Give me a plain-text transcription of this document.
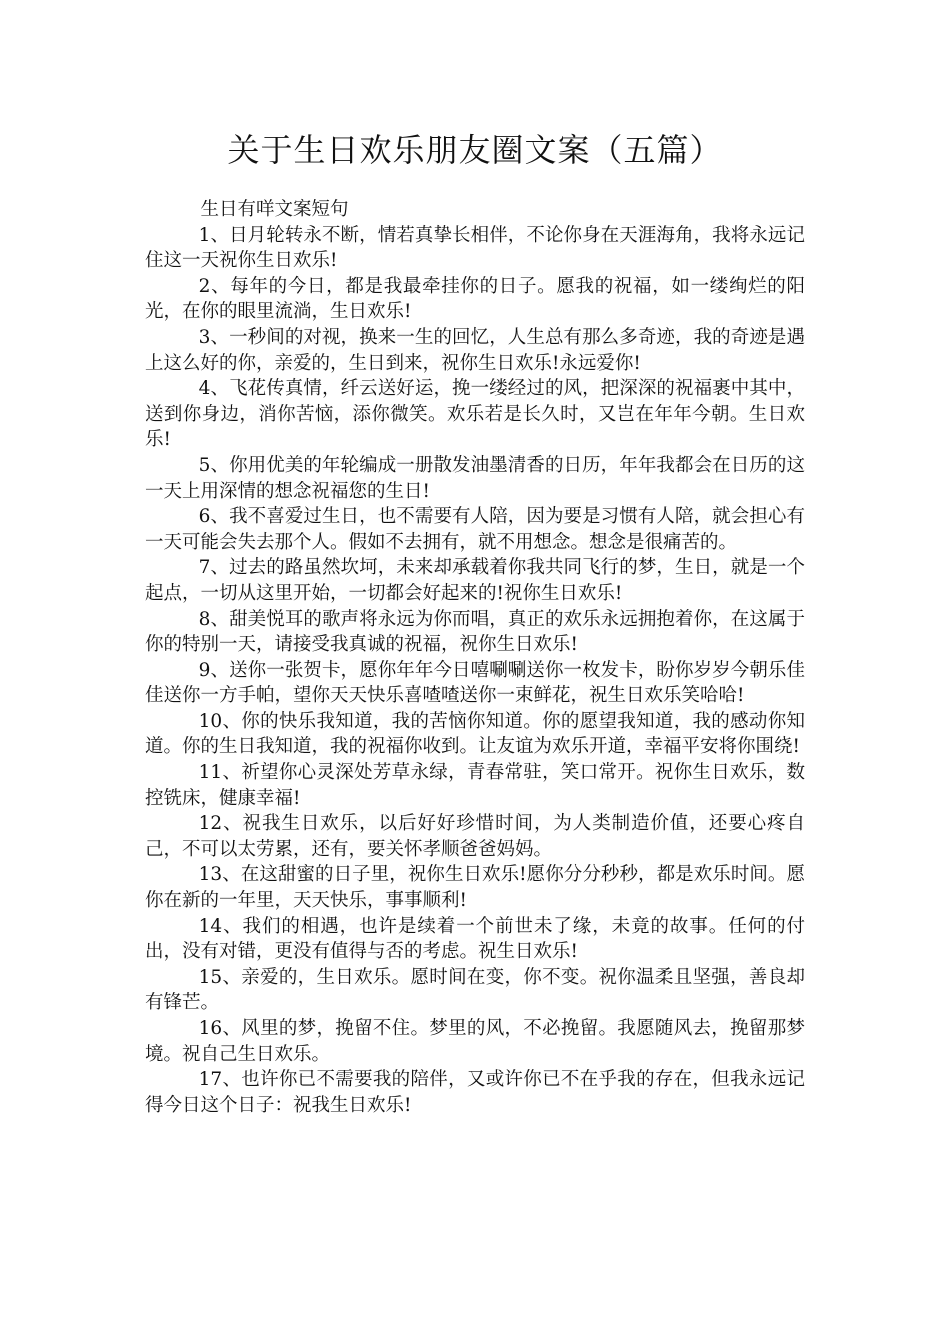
关于生日欢乐朋友圈文案（五篇）

生日有咩文案短句

1、日月轮转永不断，情若真挚长相伴，不论你身在天涯海角，我将永远记住这一天祝你生日欢乐!

2、每年的今日，都是我最牵挂你的日子。愿我的祝福，如一缕绚烂的阳光，在你的眼里流淌，生日欢乐!

3、一秒间的对视，换来一生的回忆，人生总有那么多奇迹，我的奇迹是遇上这么好的你，亲爱的，生日到来，祝你生日欢乐!永远爱你!

4、飞花传真情，纤云送好运，挽一缕经过的风，把深深的祝福裹中其中，送到你身边，消你苦恼，添你微笑。欢乐若是长久时，又岂在年年今朝。生日欢乐!

5、你用优美的年轮编成一册散发油墨清香的日历，年年我都会在日历的这一天上用深情的想念祝福您的生日!

6、我不喜爱过生日，也不需要有人陪，因为要是习惯有人陪，就会担心有一天可能会失去那个人。假如不去拥有，就不用想念。想念是很痛苦的。

7、过去的路虽然坎坷，未来却承载着你我共同飞行的梦，生日，就是一个起点，一切从这里开始，一切都会好起来的!祝你生日欢乐!

8、甜美悦耳的歌声将永远为你而唱，真正的欢乐永远拥抱着你，在这属于你的特别一天，请接受我真诚的祝福，祝你生日欢乐!

9、送你一张贺卡，愿你年年今日嘻唰唰送你一枚发卡，盼你岁岁今朝乐佳佳送你一方手帕，望你天天快乐喜喳喳送你一束鲜花，祝生日欢乐笑哈哈!

10、你的快乐我知道，我的苦恼你知道。你的愿望我知道，我的感动你知道。你的生日我知道，我的祝福你收到。让友谊为欢乐开道，幸福平安将你围绕!

11、祈望你心灵深处芳草永绿，青春常驻，笑口常开。祝你生日欢乐，数控铣床，健康幸福!

12、祝我生日欢乐，以后好好珍惜时间，为人类制造价值，还要心疼自己，不可以太劳累，还有，要关怀孝顺爸爸妈妈。

13、在这甜蜜的日子里，祝你生日欢乐!愿你分分秒秒，都是欢乐时间。愿你在新的一年里，天天快乐，事事顺利!

14、我们的相遇，也许是续着一个前世未了缘，未竟的故事。任何的付出，没有对错，更没有值得与否的考虑。祝生日欢乐!

15、亲爱的，生日欢乐。愿时间在变，你不变。祝你温柔且坚强，善良却有锋芒。

16、风里的梦，挽留不住。梦里的风，不必挽留。我愿随风去，挽留那梦境。祝自己生日欢乐。

17、也许你已不需要我的陪伴，又或许你已不在乎我的存在，但我永远记得今日这个日子：祝我生日欢乐!
